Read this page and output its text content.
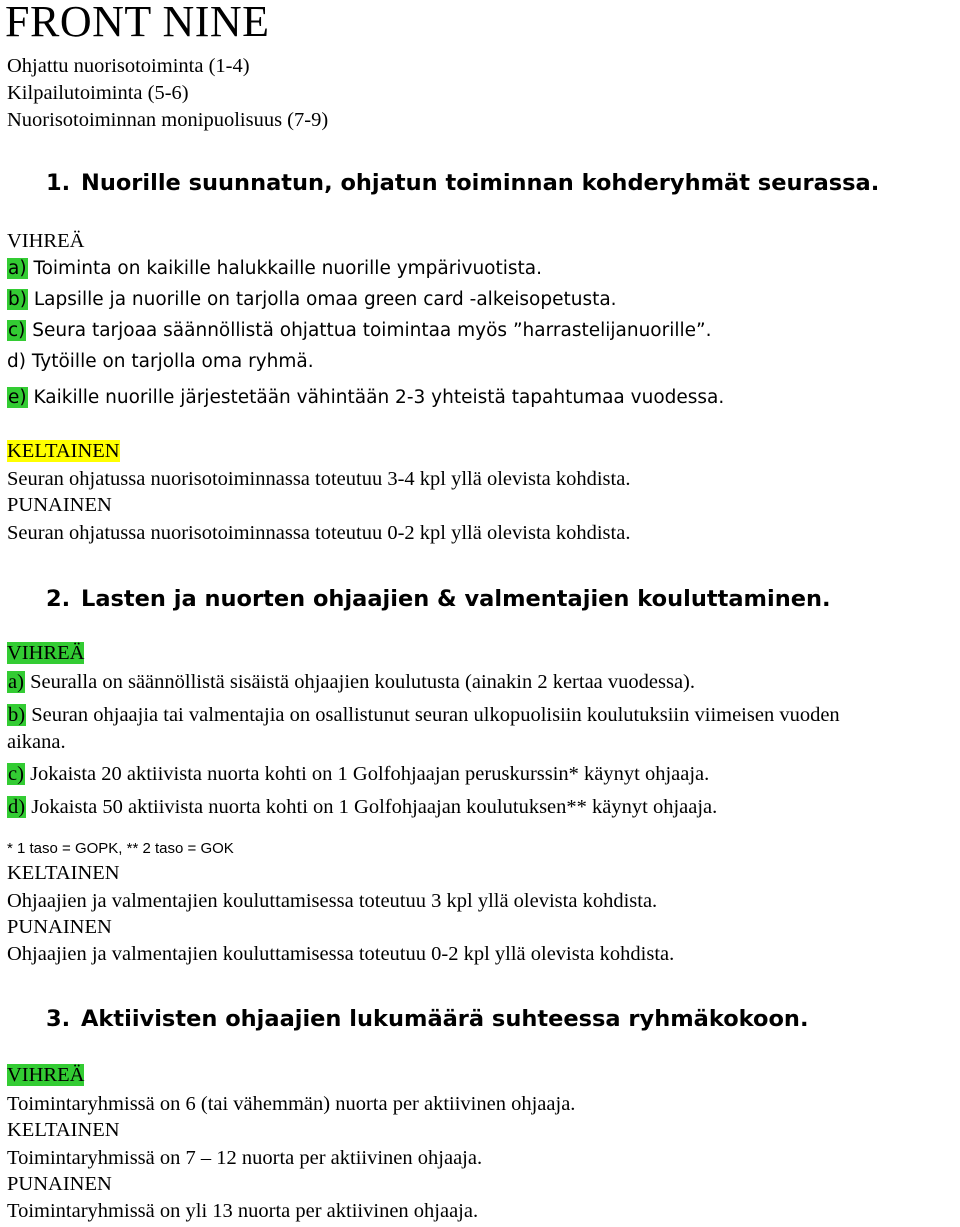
FRONT NINE
Ohjattu nuorisotoiminta (1-4)
Kilpailutoiminta (5-6)
Nuorisotoiminnan monipuolisuus (7-9)
1. Nuorille suunnatun, ohjatun toiminnan kohderyhmät seurassa.
VIHREÄ
a) Toiminta on kaikille halukkaille nuorille ympärivuotista.
b) Lapsille ja nuorille on tarjolla omaa green card -alkeisopetusta.
c) Seura tarjoaa säännöllistä ohjattua toimintaa myös ”harrastelijanuorille”.
d) Tytöille on tarjolla oma ryhmä.
e) Kaikille nuorille järjestetään vähintään 2-3 yhteistä tapahtumaa vuodessa.
KELTAINEN
Seuran ohjatussa nuorisotoiminnassa toteutuu 3-4 kpl yllä olevista kohdista.
PUNAINEN
Seuran ohjatussa nuorisotoiminnassa toteutuu 0-2 kpl yllä olevista kohdista.
2. Lasten ja nuorten ohjaajien & valmentajien kouluttaminen.
VIHREÄ
a) Seuralla on säännöllistä sisäistä ohjaajien koulutusta (ainakin 2 kertaa vuodessa).
b) Seuran ohjaajia tai valmentajia on osallistunut seuran ulkopuolisiin koulutuksiin viimeisen vuoden
aikana.
c) Jokaista 20 aktiivista nuorta kohti on 1 Golfohjaajan peruskurssin* käynyt ohjaaja.
d) Jokaista 50 aktiivista nuorta kohti on 1 Golfohjaajan koulutuksen** käynyt ohjaaja.
* 1 taso = GOPK, ** 2 taso = GOK
KELTAINEN
Ohjaajien ja valmentajien kouluttamisessa toteutuu 3 kpl yllä olevista kohdista.
PUNAINEN
Ohjaajien ja valmentajien kouluttamisessa toteutuu 0-2 kpl yllä olevista kohdista.
3. Aktiivisten ohjaajien lukumäärä suhteessa ryhmäkokoon.
VIHREÄ
Toimintaryhmissä on 6 (tai vähemmän) nuorta per aktiivinen ohjaaja.
KELTAINEN
Toimintaryhmissä on 7 – 12 nuorta per aktiivinen ohjaaja.
PUNAINEN
Toimintaryhmissä on yli 13 nuorta per aktiivinen ohjaaja.
